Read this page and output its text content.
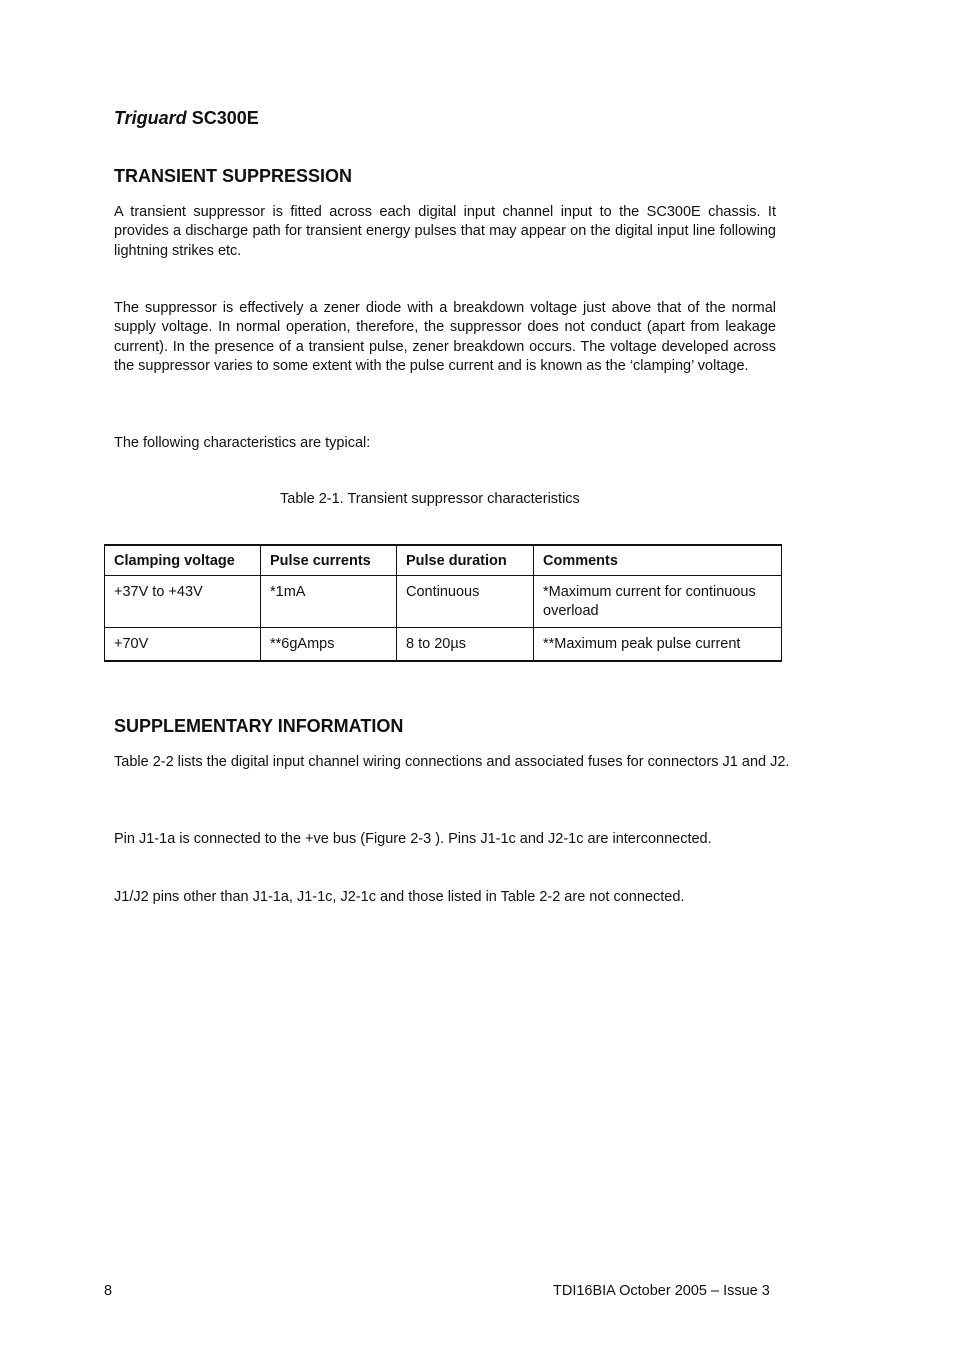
Triguard SC300E
TRANSIENT SUPPRESSION

A transient suppressor is fitted across each digital input channel input to the SC300E chassis. It provides a discharge path for transient energy pulses that may appear on the digital input line following lightning strikes etc.

The suppressor is effectively a zener diode with a breakdown voltage just above that of the normal supply voltage. In normal operation, therefore, the suppressor does not conduct (apart from leakage current). In the presence of a transient pulse, zener breakdown occurs. The voltage developed across the suppressor varies to some extent with the pulse current and is known as the ‘clamping’ voltage.

The following characteristics are typical:

Table 2-1. Transient suppressor characteristics

Clamping voltage	Pulse currents	Pulse duration	Comments
+37V to +43V	*1mA	Continuous	*Maximum current for continuous overload
+70V	**6gAmps	8 to 20µs	**Maximum peak pulse current
SUPPLEMENTARY INFORMATION

Table 2-2 lists the digital input channel wiring connections and associated fuses for connectors J1 and J2.

Pin J1-1a is connected to the +ve bus (Figure 2-3 ). Pins J1-1c and J2-1c are interconnected.

J1/J2 pins other than J1-1a, J1-1c, J2-1c and those listed in Table 2-2 are not connected.

8	TDI16BIA October 2005 – Issue 3
